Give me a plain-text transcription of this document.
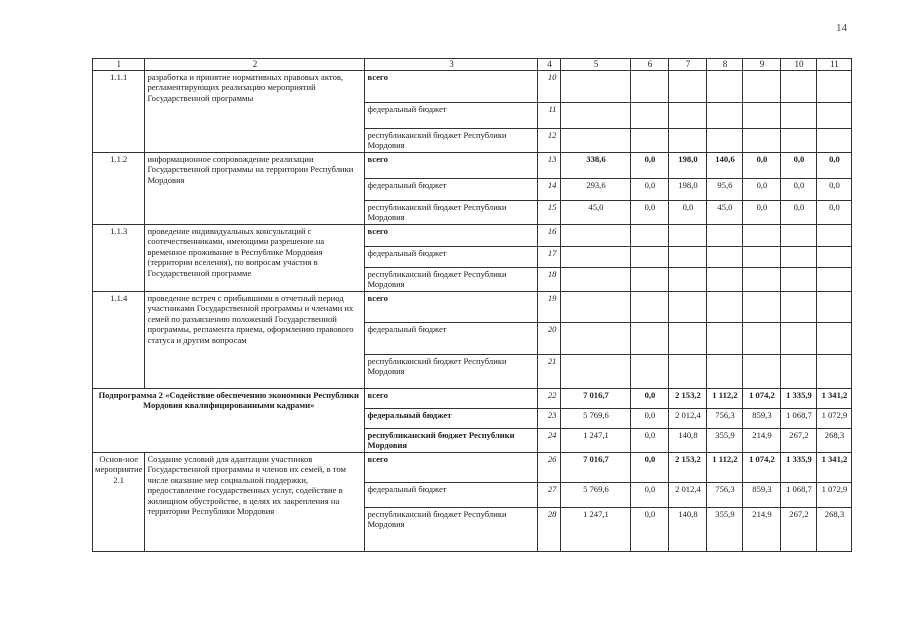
14
1	2	3	4	5	6	7	8	9	10	11
1.1.1	разработка и принятие нормативных правовых актов, регламентирующих реализацию мероприятий Государственной программы	всего	10							
		федеральный бюджет	11							
		республиканский бюджет Республики Мордовия	12							
1.1.2	информационное сопровождение реализации Государственной программы на территории Республики Мордовия	всего	13	338,6	0,0	198,0	140,6	0,0	0,0	0,0
		федеральный бюджет	14	293,6	0,0	198,0	95,6	0,0	0,0	0,0
		республиканский бюджет Республики Мордовия	15	45,0	0,0	0,0	45,0	0,0	0,0	0,0
1.1.3	проведение индивидуальных консультаций с соотечественниками, имеющими разрешение на временное проживание в Республике Мордовия (территории вселения), по вопросам участия в Государственной программе	всего	16							
		федеральный бюджет	17							
		республиканский бюджет Республики Мордовия	18							
1.1.4	проведение встреч с прибывшими в отчетный период участниками Государственной программы и членами их семей по разъяснению положений Государственной программы, регламента приема, оформлению правового статуса и другим вопросам	всего	19							
		федеральный бюджет	20							
		республиканский бюджет Республики Мордовия	21							
Подпрограмма 2 «Содействие обеспечению экономики Республики Мордовия квалифицированными кадрами»		всего	22	7 016,7	0,0	2 153,2	1 112,2	1 074,2	1 335,9	1 341,2
		федеральный бюджет	23	5 769,6	0,0	2 012,4	756,3	859,3	1 068,7	1 072,9
		республиканский бюджет Республики Мордовия	24	1 247,1	0,0	140,8	355,9	214,9	267,2	268,3
Основ-ное мероприятие 2.1	Создание условий для адаптации участников Государственной программы и членов их семей, в том числе оказание мер социальной поддержки, предоставление государственных услуг, содействие в жилищном обустройстве, в целях их закрепления на территории Республики Мордовия	всего	26	7 016,7	0,0	2 153,2	1 112,2	1 074,2	1 335,9	1 341,2
		федеральный бюджет	27	5 769,6	0,0	2 012,4	756,3	859,3	1 068,7	1 072,9
		республиканский бюджет Республики Мордовия	28	1 247,1	0,0	140,8	355,9	214,9	267,2	268,3
